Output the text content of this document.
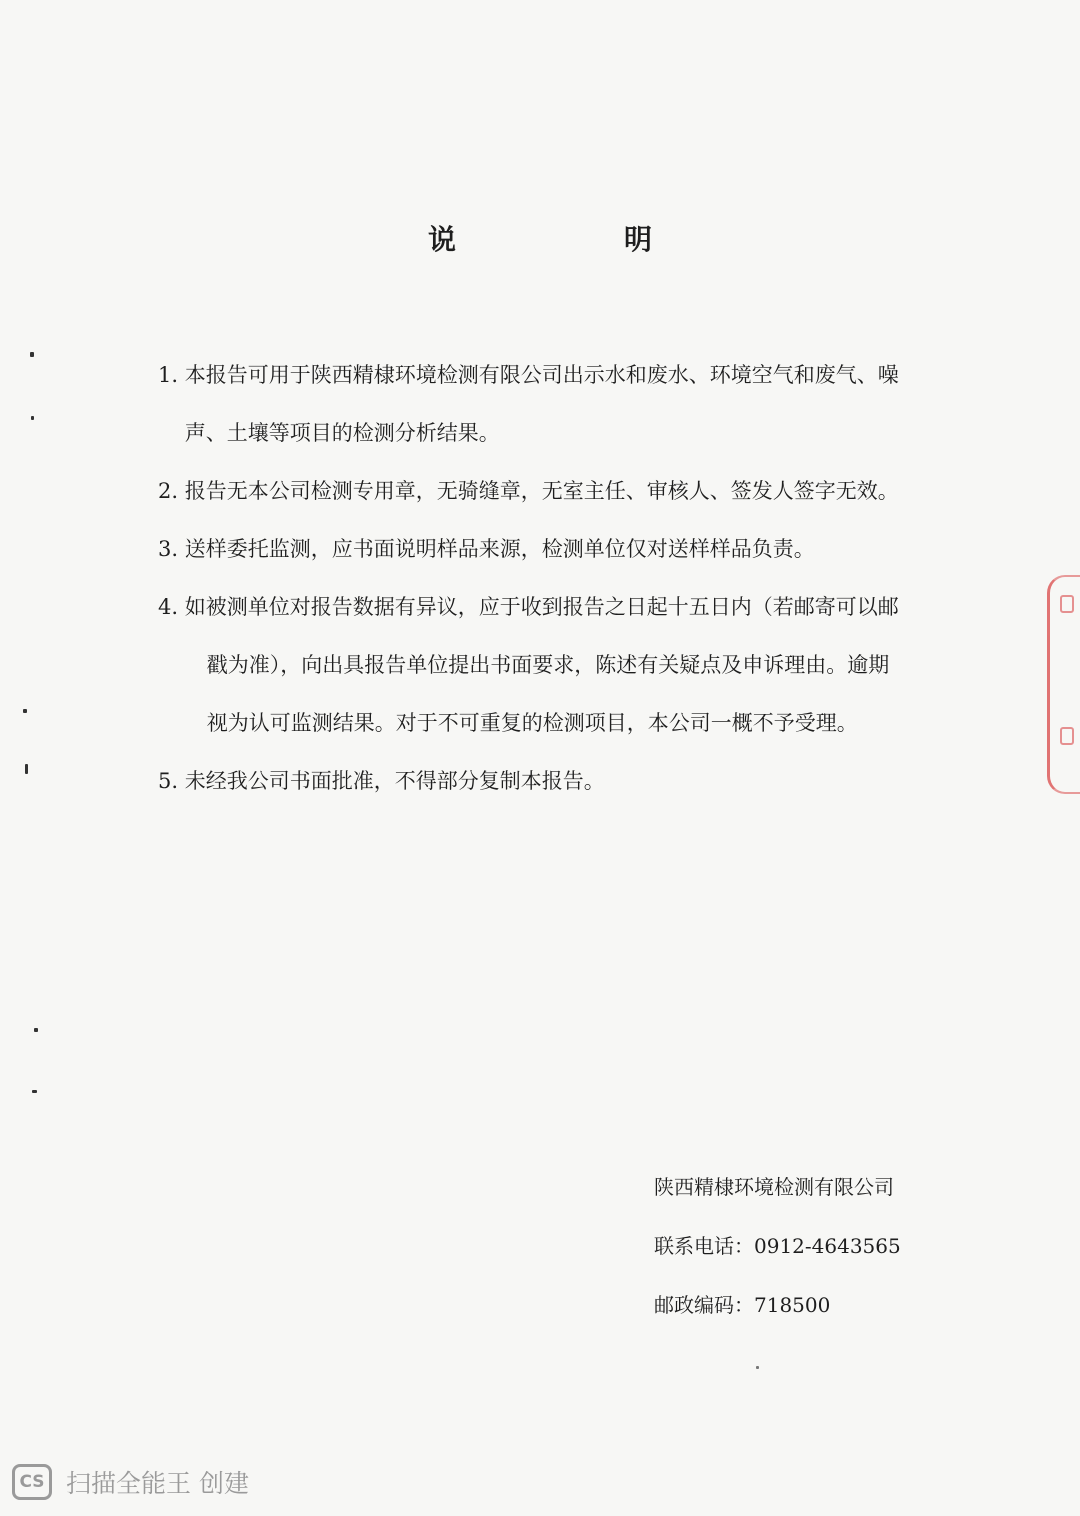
说　明
1. 本报告可用于陕西精棣环境检测有限公司出示水和废水、环境空气和废气、噪
声、土壤等项目的检测分析结果。
2. 报告无本公司检测专用章，无骑缝章，无室主任、审核人、签发人签字无效。
3. 送样委托监测，应书面说明样品来源，检测单位仅对送样样品负责。
4. 如被测单位对报告数据有异议，应于收到报告之日起十五日内（若邮寄可以邮
戳为准），向出具报告单位提出书面要求，陈述有关疑点及申诉理由。逾期
视为认可监测结果。对于不可重复的检测项目，本公司一概不予受理。
5. 未经我公司书面批准，不得部分复制本报告。
陕西精棣环境检测有限公司
联系电话：0912-4643565
邮政编码：718500
CS 扫描全能王 创建
